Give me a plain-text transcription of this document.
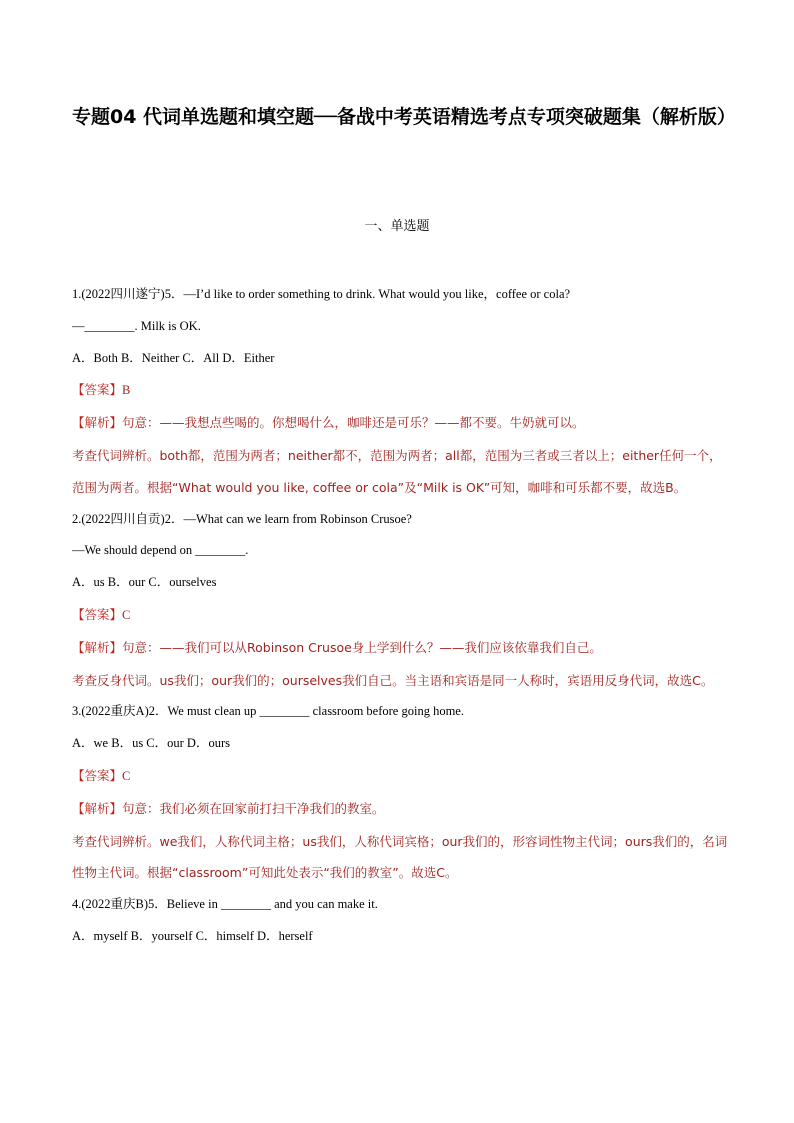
专题04 代词单选题和填空题──备战中考英语精选考点专项突破题集（解析版）
一、单选题
1.(2022四川遂宁)5．—I’d like to order something to drink. What would you like，coffee or cola?
—________. Milk is OK.
A．Both B．Neither C．All D．Either
【答案】B
【解析】句意：——我想点些喝的。你想喝什么，咖啡还是可乐？——都不要。牛奶就可以。
考查代词辨析。both都，范围为两者；neither都不，范围为两者；all都，范围为三者或三者以上；either任何一个，范围为两者。根据“What would you like, coffee or cola”及“Milk is OK”可知，咖啡和可乐都不要，故选B。
2.(2022四川自贡)2．—What can we learn from Robinson Crusoe?
—We should depend on ________.
A．us B．our C．ourselves
【答案】C
【解析】句意：——我们可以从Robinson Crusoe身上学到什么？——我们应该依靠我们自己。
考查反身代词。us我们；our我们的；ourselves我们自己。当主语和宾语是同一人称时，宾语用反身代词，故选C。
3.(2022重庆A)2．We must clean up ________ classroom before going home.
A．we B．us C．our D．ours
【答案】C
【解析】句意：我们必须在回家前打扫干净我们的教室。
考查代词辨析。we我们，人称代词主格；us我们，人称代词宾格；our我们的，形容词性物主代词；ours我们的，名词性物主代词。根据“classroom”可知此处表示“我们的教室”。故选C。
4.(2022重庆B)5．Believe in ________ and you can make it.
A．myself B．yourself C．himself D．herself
